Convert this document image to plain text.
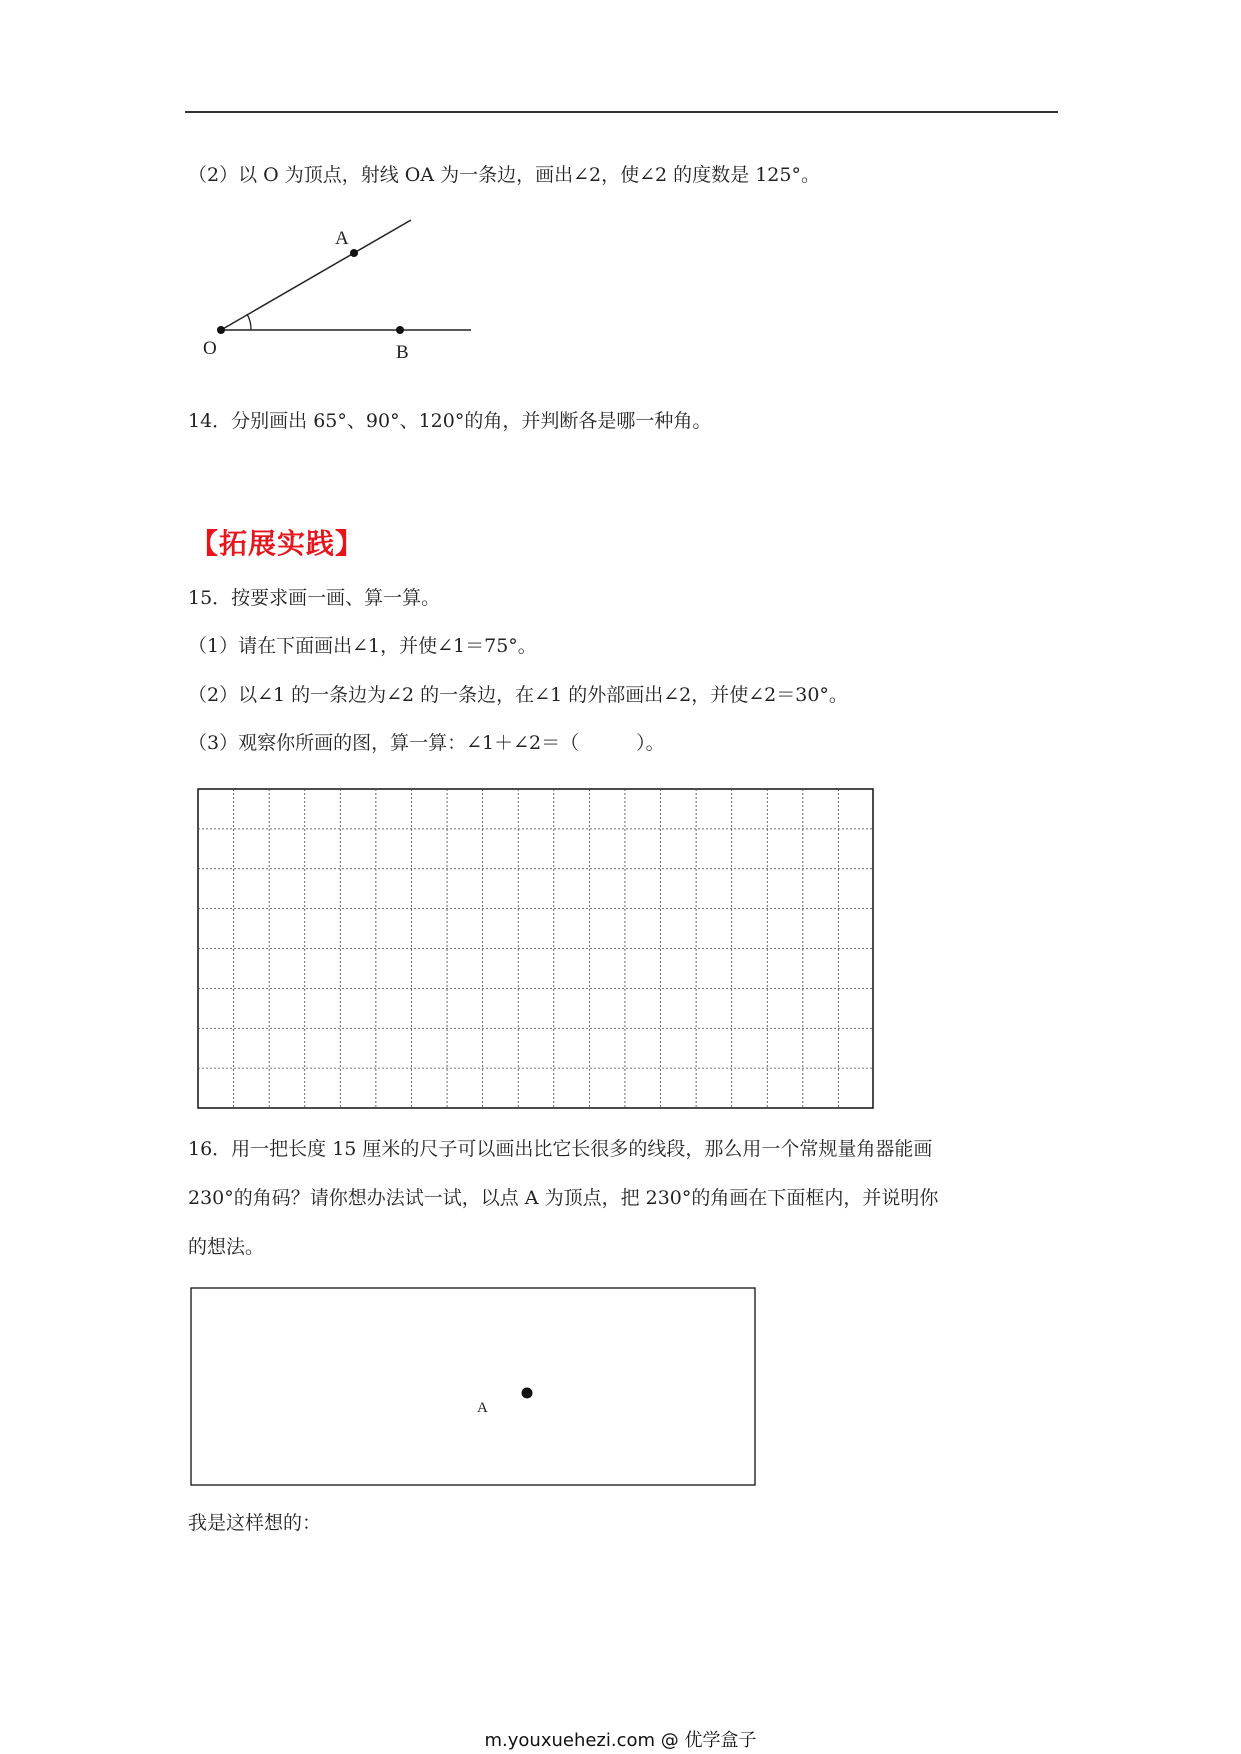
（2）以 O 为顶点，射线 OA 为一条边，画出∠2，使∠2 的度数是 125°。
A
O	B
14．分别画出 65°、90°、120°的角，并判断各是哪一种角。
【拓展实践】
15．按要求画一画、算一算。
（1）请在下面画出∠1，并使∠1＝75°。
（2）以∠1 的一条边为∠2 的一条边，在∠1 的外部画出∠2，并使∠2＝30°。
（3）观察你所画的图，算一算：∠1＋∠2＝（　　　）。
16．用一把长度 15 厘米的尺子可以画出比它长很多的线段，那么用一个常规量角器能画
230°的角码？请你想办法试一试，以点 A 为顶点，把 230°的角画在下面框内，并说明你
的想法。
A
我是这样想的：
m.youxuehezi.com @ 优学盒子
